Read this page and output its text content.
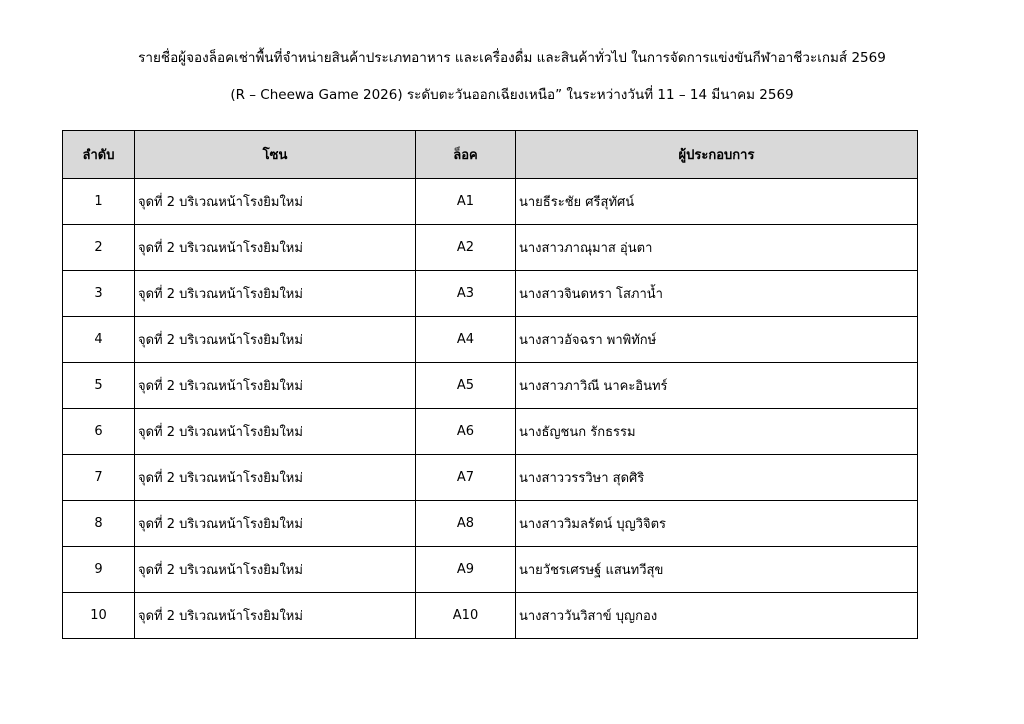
รายชื่อผู้จองล็อคเช่าพื้นที่จำหน่ายสินค้าประเภทอาหาร และเครื่องดื่ม และสินค้าทั่วไป ในการจัดการแข่งขันกีฬาอาชีวะเกมส์ 2569
(R – Cheewa Game 2026) ระดับตะวันออกเฉียงเหนือ” ในระหว่างวันที่ 11 – 14 มีนาคม 2569
ลำดับ	โซน	ล็อค	ผู้ประกอบการ
1	จุดที่ 2 บริเวณหน้าโรงยิมใหม่	A1	นายธีระชัย ศรีสุทัศน์
2	จุดที่ 2 บริเวณหน้าโรงยิมใหม่	A2	นางสาวภาณุมาส อุ่นตา
3	จุดที่ 2 บริเวณหน้าโรงยิมใหม่	A3	นางสาวจินดหรา โสภาน้ำ
4	จุดที่ 2 บริเวณหน้าโรงยิมใหม่	A4	นางสาวอัจฉรา พาพิทักษ์
5	จุดที่ 2 บริเวณหน้าโรงยิมใหม่	A5	นางสาวภาวิณี นาคะอินทร์
6	จุดที่ 2 บริเวณหน้าโรงยิมใหม่	A6	นางธัญชนก รักธรรม
7	จุดที่ 2 บริเวณหน้าโรงยิมใหม่	A7	นางสาววรรวิษา สุดศิริ
8	จุดที่ 2 บริเวณหน้าโรงยิมใหม่	A8	นางสาววิมลรัตน์ บุญวิจิตร
9	จุดที่ 2 บริเวณหน้าโรงยิมใหม่	A9	นายวัชรเศรษฐ์ แสนทวีสุข
10	จุดที่ 2 บริเวณหน้าโรงยิมใหม่	A10	นางสาววันวิสาข์ บุญกอง
